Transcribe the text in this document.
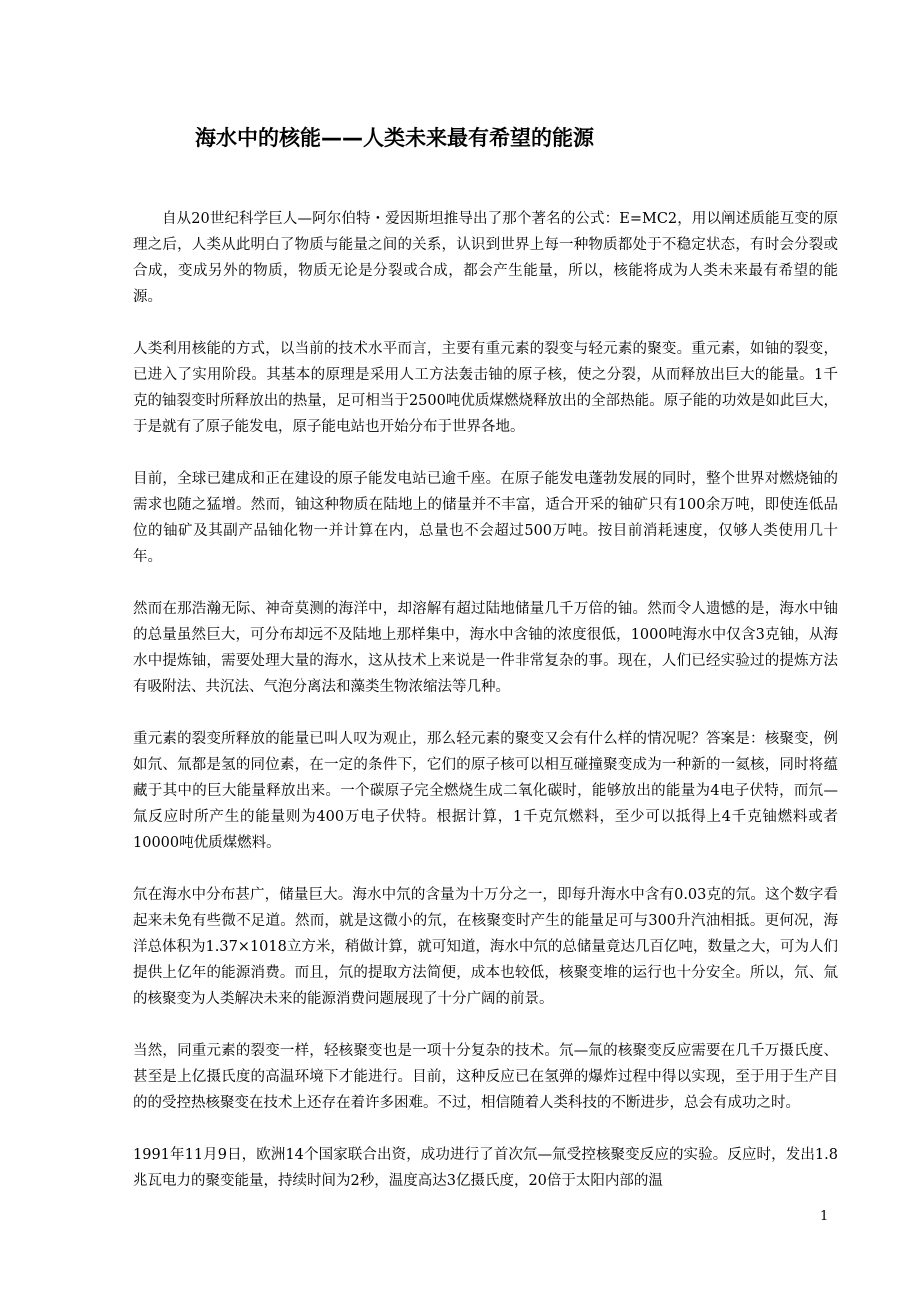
海水中的核能——人类未来最有希望的能源

自从20世纪科学巨人—阿尔伯特・爱因斯坦推导出了那个著名的公式：E=MC2，用以阐述质能互变的原理之后，人类从此明白了物质与能量之间的关系，认识到世界上每一种物质都处于不稳定状态，有时会分裂或合成，变成另外的物质，物质无论是分裂或合成，都会产生能量，所以，核能将成为人类未来最有希望的能源。

人类利用核能的方式，以当前的技术水平而言，主要有重元素的裂变与轻元素的聚变。重元素，如铀的裂变，已进入了实用阶段。其基本的原理是采用人工方法轰击铀的原子核，使之分裂，从而释放出巨大的能量。1千克的铀裂变时所释放出的热量，足可相当于2500吨优质煤燃烧释放出的全部热能。原子能的功效是如此巨大，于是就有了原子能发电，原子能电站也开始分布于世界各地。

目前，全球已建成和正在建设的原子能发电站已逾千座。在原子能发电蓬勃发展的同时，整个世界对燃烧铀的需求也随之猛增。然而，铀这种物质在陆地上的储量并不丰富，适合开采的铀矿只有100余万吨，即使连低品位的铀矿及其副产品铀化物一并计算在内，总量也不会超过500万吨。按目前消耗速度，仅够人类使用几十年。

然而在那浩瀚无际、神奇莫测的海洋中，却溶解有超过陆地储量几千万倍的铀。然而令人遗憾的是，海水中铀的总量虽然巨大，可分布却远不及陆地上那样集中，海水中含铀的浓度很低，1000吨海水中仅含3克铀，从海水中提炼铀，需要处理大量的海水，这从技术上来说是一件非常复杂的事。现在，人们已经实验过的提炼方法有吸附法、共沉法、气泡分离法和藻类生物浓缩法等几种。

重元素的裂变所释放的能量已叫人叹为观止，那么轻元素的聚变又会有什么样的情况呢？答案是：核聚变，例如氘、氚都是氢的同位素，在一定的条件下，它们的原子核可以相互碰撞聚变成为一种新的一氦核，同时将蕴藏于其中的巨大能量释放出来。一个碳原子完全燃烧生成二氧化碳时，能够放出的能量为4电子伏特，而氘—氚反应时所产生的能量则为400万电子伏特。根据计算，1千克氘燃料，至少可以抵得上4千克铀燃料或者10000吨优质煤燃料。

氘在海水中分布甚广，储量巨大。海水中氘的含量为十万分之一，即每升海水中含有0.03克的氘。这个数字看起来未免有些微不足道。然而，就是这微小的氘，在核聚变时产生的能量足可与300升汽油相抵。更何况，海洋总体积为1.37×1018立方米，稍做计算，就可知道，海水中氘的总储量竟达几百亿吨，数量之大，可为人们提供上亿年的能源消费。而且，氘的提取方法简便，成本也较低，核聚变堆的运行也十分安全。所以，氘、氚的核聚变为人类解决未来的能源消费问题展现了十分广阔的前景。

当然，同重元素的裂变一样，轻核聚变也是一项十分复杂的技术。氘—氚的核聚变反应需要在几千万摄氏度、甚至是上亿摄氏度的高温环境下才能进行。目前，这种反应已在氢弹的爆炸过程中得以实现，至于用于生产目的的受控热核聚变在技术上还存在着许多困难。不过，相信随着人类科技的不断进步，总会有成功之时。

1991年11月9日，欧洲14个国家联合出资，成功进行了首次氘—氚受控核聚变反应的实验。反应时，发出1.8兆瓦电力的聚变能量，持续时间为2秒，温度高达3亿摄氏度，20倍于太阳内部的温

1
